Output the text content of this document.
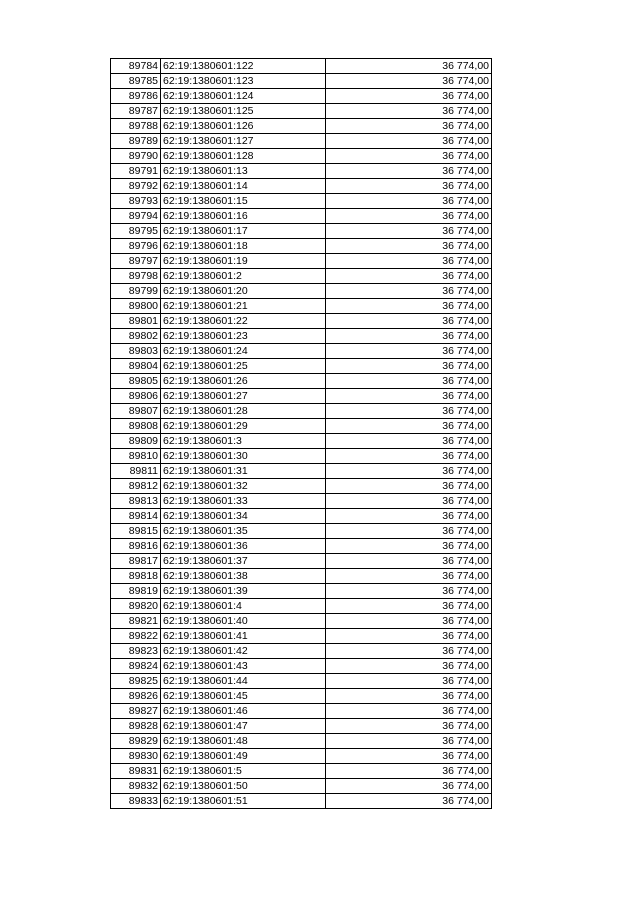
89784	62:19:1380601:122	36 774,00
89785	62:19:1380601:123	36 774,00
89786	62:19:1380601:124	36 774,00
89787	62:19:1380601:125	36 774,00
89788	62:19:1380601:126	36 774,00
89789	62:19:1380601:127	36 774,00
89790	62:19:1380601:128	36 774,00
89791	62:19:1380601:13	36 774,00
89792	62:19:1380601:14	36 774,00
89793	62:19:1380601:15	36 774,00
89794	62:19:1380601:16	36 774,00
89795	62:19:1380601:17	36 774,00
89796	62:19:1380601:18	36 774,00
89797	62:19:1380601:19	36 774,00
89798	62:19:1380601:2	36 774,00
89799	62:19:1380601:20	36 774,00
89800	62:19:1380601:21	36 774,00
89801	62:19:1380601:22	36 774,00
89802	62:19:1380601:23	36 774,00
89803	62:19:1380601:24	36 774,00
89804	62:19:1380601:25	36 774,00
89805	62:19:1380601:26	36 774,00
89806	62:19:1380601:27	36 774,00
89807	62:19:1380601:28	36 774,00
89808	62:19:1380601:29	36 774,00
89809	62:19:1380601:3	36 774,00
89810	62:19:1380601:30	36 774,00
89811	62:19:1380601:31	36 774,00
89812	62:19:1380601:32	36 774,00
89813	62:19:1380601:33	36 774,00
89814	62:19:1380601:34	36 774,00
89815	62:19:1380601:35	36 774,00
89816	62:19:1380601:36	36 774,00
89817	62:19:1380601:37	36 774,00
89818	62:19:1380601:38	36 774,00
89819	62:19:1380601:39	36 774,00
89820	62:19:1380601:4	36 774,00
89821	62:19:1380601:40	36 774,00
89822	62:19:1380601:41	36 774,00
89823	62:19:1380601:42	36 774,00
89824	62:19:1380601:43	36 774,00
89825	62:19:1380601:44	36 774,00
89826	62:19:1380601:45	36 774,00
89827	62:19:1380601:46	36 774,00
89828	62:19:1380601:47	36 774,00
89829	62:19:1380601:48	36 774,00
89830	62:19:1380601:49	36 774,00
89831	62:19:1380601:5	36 774,00
89832	62:19:1380601:50	36 774,00
89833	62:19:1380601:51	36 774,00
